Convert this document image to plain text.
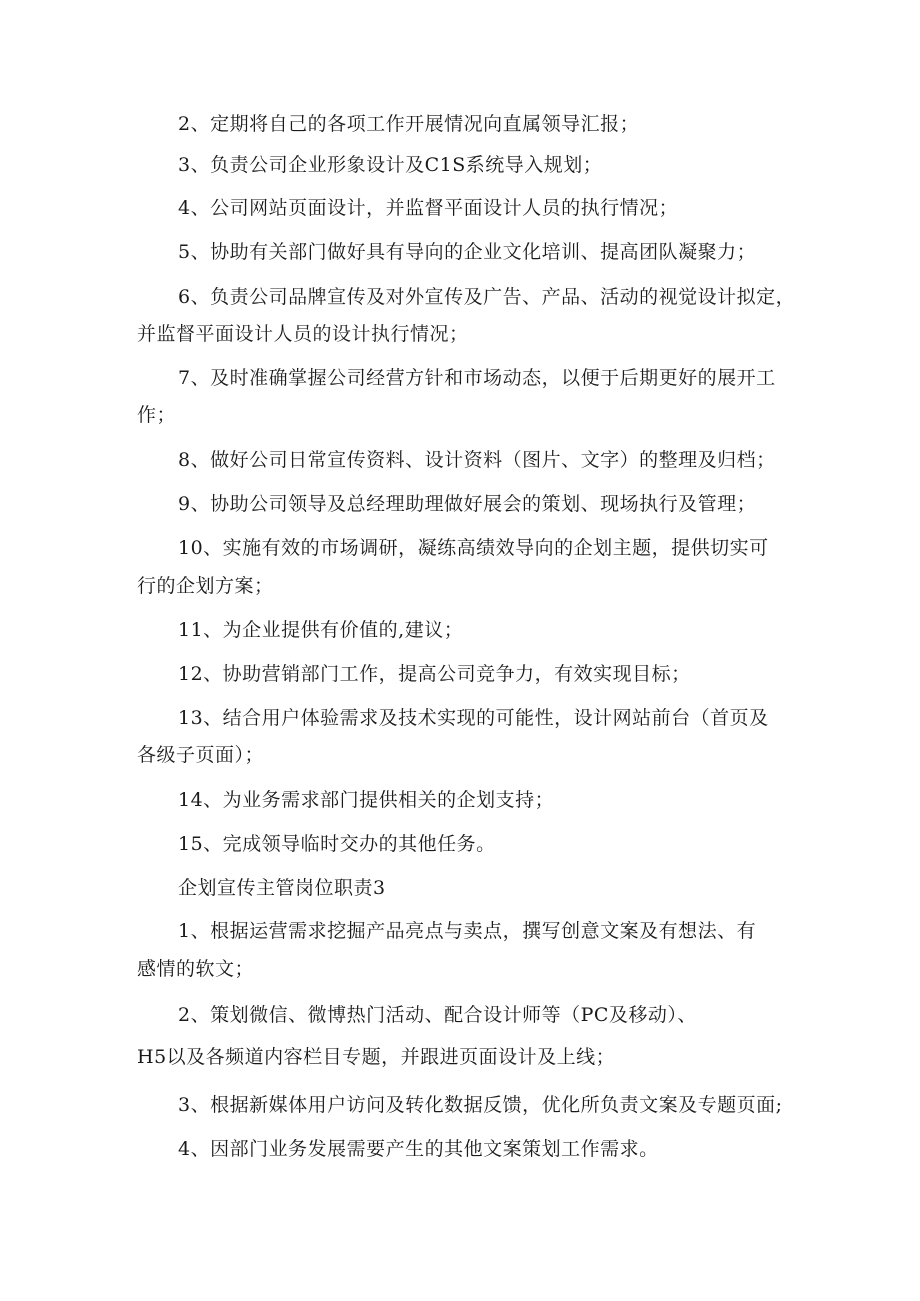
2、定期将自己的各项工作开展情况向直属领导汇报；
3、负责公司企业形象设计及C1S系统导入规划；
4、公司网站页面设计，并监督平面设计人员的执行情况；
5、协助有关部门做好具有导向的企业文化培训、提高团队凝聚力；
6、负责公司品牌宣传及对外宣传及广告、产品、活动的视觉设计拟定，
并监督平面设计人员的设计执行情况；
7、及时准确掌握公司经营方针和市场动态，以便于后期更好的展开工
作；
8、做好公司日常宣传资料、设计资料（图片、文字）的整理及归档；
9、协助公司领导及总经理助理做好展会的策划、现场执行及管理；
10、实施有效的市场调研，凝练高绩效导向的企划主题，提供切实可
行的企划方案；
11、为企业提供有价值的,建议；
12、协助营销部门工作，提高公司竞争力，有效实现目标；
13、结合用户体验需求及技术实现的可能性，设计网站前台（首页及
各级子页面）；
14、为业务需求部门提供相关的企划支持；
15、完成领导临时交办的其他任务。
企划宣传主管岗位职责3
1、根据运营需求挖掘产品亮点与卖点，撰写创意文案及有想法、有
感情的软文；
2、策划微信、微博热门活动、配合设计师等（PC及移动）、
H5以及各频道内容栏目专题，并跟进页面设计及上线；
3、根据新媒体用户访问及转化数据反馈，优化所负责文案及专题页面;
4、因部门业务发展需要产生的其他文案策划工作需求。
